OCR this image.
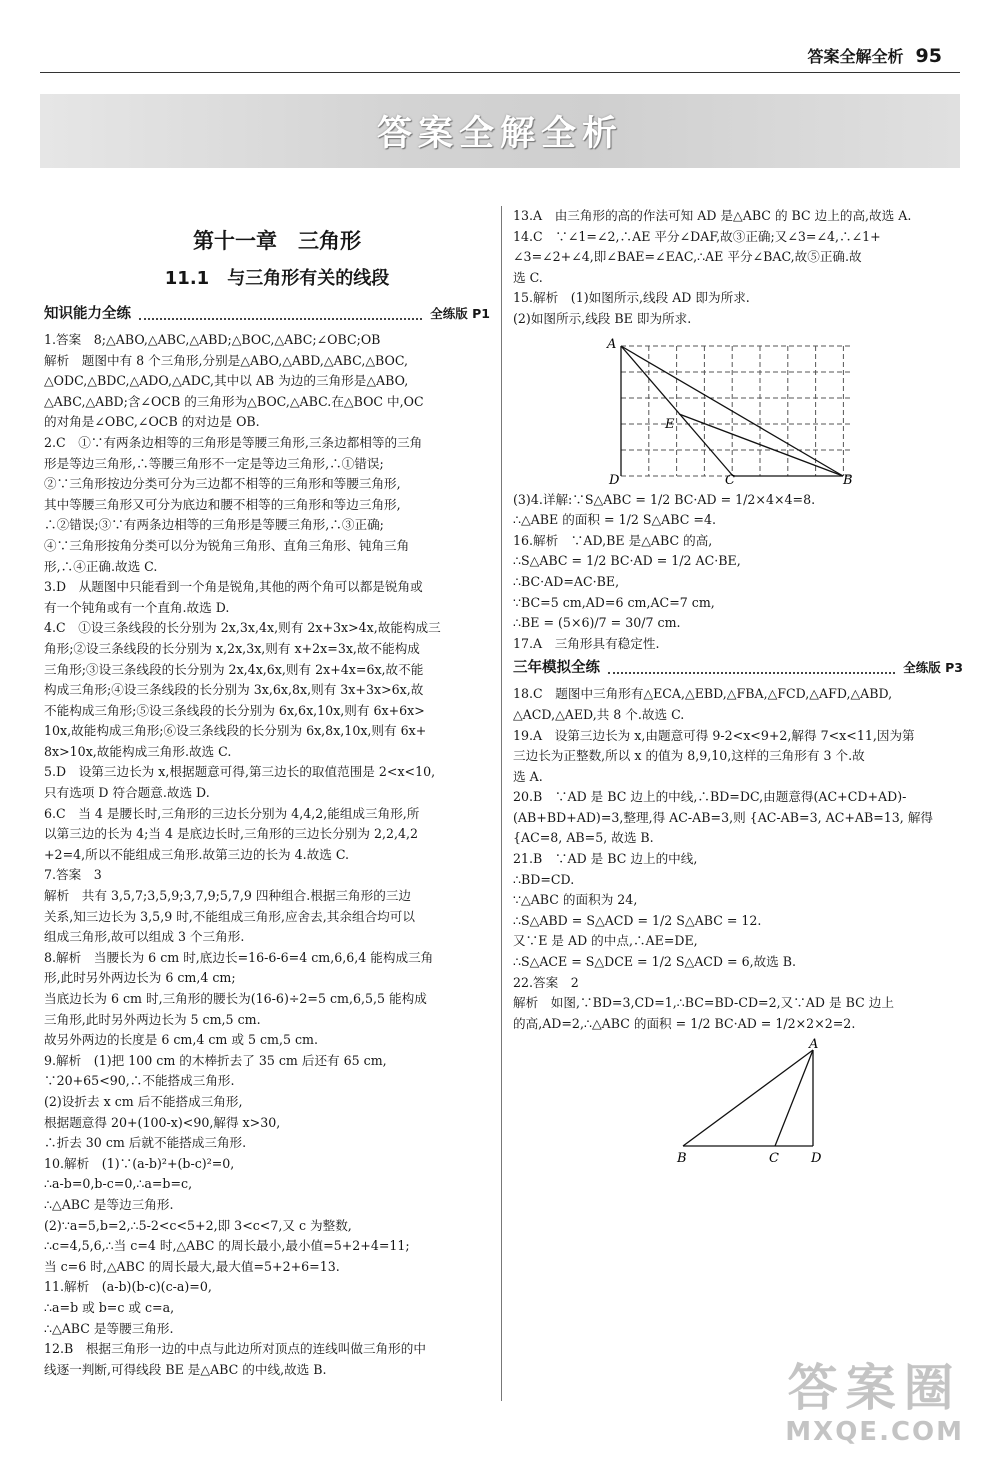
答案全解全析 95
答案全解全析
第十一章　三角形
11.1　与三角形有关的线段
知识能力全练	全练版 P1
1.答案　8;△ABO,△ABC,△ABD;△BOC,△ABC;∠OBC;OB
解析　题图中有 8 个三角形,分别是△ABO,△ABD,△ABC,△BOC,
△ODC,△BDC,△ADO,△ADC,其中以 AB 为边的三角形是△ABO,
△ABC,△ABD;含∠OCB 的三角形为△BOC,△ABC.在△BOC 中,OC
的对角是∠OBC,∠OCB 的对边是 OB.
2.C　①∵有两条边相等的三角形是等腰三角形,三条边都相等的三角
形是等边三角形,∴等腰三角形不一定是等边三角形,∴①错误;
②∵三角形按边分类可分为三边都不相等的三角形和等腰三角形,
其中等腰三角形又可分为底边和腰不相等的三角形和等边三角形,
∴②错误;③∵有两条边相等的三角形是等腰三角形,∴③正确;
④∵三角形按角分类可以分为锐角三角形、直角三角形、钝角三角
形,∴④正确.故选 C.
3.D　从题图中只能看到一个角是锐角,其他的两个角可以都是锐角或
有一个钝角或有一个直角.故选 D.
4.C　①设三条线段的长分别为 2x,3x,4x,则有 2x+3x>4x,故能构成三
角形;②设三条线段的长分别为 x,2x,3x,则有 x+2x=3x,故不能构成
三角形;③设三条线段的长分别为 2x,4x,6x,则有 2x+4x=6x,故不能
构成三角形;④设三条线段的长分别为 3x,6x,8x,则有 3x+3x>6x,故
不能构成三角形;⑤设三条线段的长分别为 6x,6x,10x,则有 6x+6x>
10x,故能构成三角形;⑥设三条线段的长分别为 6x,8x,10x,则有 6x+
8x>10x,故能构成三角形.故选 C.
5.D　设第三边长为 x,根据题意可得,第三边长的取值范围是 2<x<10,
只有选项 D 符合题意.故选 D.
6.C　当 4 是腰长时,三角形的三边长分别为 4,4,2,能组成三角形,所
以第三边的长为 4;当 4 是底边长时,三角形的三边长分别为 2,2,4,2
+2=4,所以不能组成三角形.故第三边的长为 4.故选 C.
7.答案　3
解析　共有 3,5,7;3,5,9;3,7,9;5,7,9 四种组合.根据三角形的三边
关系,知三边长为 3,5,9 时,不能组成三角形,应舍去,其余组合均可以
组成三角形,故可以组成 3 个三角形.
8.解析　当腰长为 6 cm 时,底边长=16-6-6=4 cm,6,6,4 能构成三角
形,此时另外两边长为 6 cm,4 cm;
当底边长为 6 cm 时,三角形的腰长为(16-6)÷2=5 cm,6,5,5 能构成
三角形,此时另外两边长为 5 cm,5 cm.
故另外两边的长度是 6 cm,4 cm 或 5 cm,5 cm.
9.解析　(1)把 100 cm 的木棒折去了 35 cm 后还有 65 cm,
∵20+65<90,∴不能搭成三角形.
(2)设折去 x cm 后不能搭成三角形,
根据题意得 20+(100-x)<90,解得 x>30,
∴折去 30 cm 后就不能搭成三角形.
10.解析　(1)∵(a-b)²+(b-c)²=0,
∴a-b=0,b-c=0,∴a=b=c,
∴△ABC 是等边三角形.
(2)∵a=5,b=2,∴5-2<c<5+2,即 3<c<7,又 c 为整数,
∴c=4,5,6,∴当 c=4 时,△ABC 的周长最小,最小值=5+2+4=11;
当 c=6 时,△ABC 的周长最大,最大值=5+2+6=13.
11.解析　(a-b)(b-c)(c-a)=0,
∴a=b 或 b=c 或 c=a,
∴△ABC 是等腰三角形.
12.B　根据三角形一边的中点与此边所对顶点的连线叫做三角形的中
线逐一判断,可得线段 BE 是△ABC 的中线,故选 B.
13.A　由三角形的高的作法可知 AD 是△ABC 的 BC 边上的高,故选 A.
14.C　∵∠1=∠2,∴AE 平分∠DAF,故③正确;又∠3=∠4,∴∠1+
∠3=∠2+∠4,即∠BAE=∠EAC,∴AE 平分∠BAC,故⑤正确.故
选 C.
15.解析　(1)如图所示,线段 AD 即为所求.
(2)如图所示,线段 BE 即为所求.
A
D	C	B
E
(3)4.详解:∵S△ABC = 1/2 BC·AD = 1/2×4×4=8.
∴△ABE 的面积 = 1/2 S△ABC =4.
16.解析　∵AD,BE 是△ABC 的高,
∴S△ABC = 1/2 BC·AD = 1/2 AC·BE,
∴BC·AD=AC·BE,
∵BC=5 cm,AD=6 cm,AC=7 cm,
∴BE = (5×6)/7 = 30/7 cm.
17.A　三角形具有稳定性.
三年模拟全练	全练版 P3
18.C　题图中三角形有△ECA,△EBD,△FBA,△FCD,△AFD,△ABD,
△ACD,△AED,共 8 个.故选 C.
19.A　设第三边长为 x,由题意可得 9-2<x<9+2,解得 7<x<11,因为第
三边长为正整数,所以 x 的值为 8,9,10,这样的三角形有 3 个.故
选 A.
20.B　∵AD 是 BC 边上的中线,∴BD=DC,由题意得(AC+CD+AD)-
(AB+BD+AD)=3,整理,得 AC-AB=3,则 {AC-AB=3, AC+AB=13, 解得
{AC=8, AB=5, 故选 B.
21.B　∵AD 是 BC 边上的中线,
∴BD=CD.
∵△ABC 的面积为 24,
∴S△ABD = S△ACD = 1/2 S△ABC = 12.
又∵E 是 AD 的中点,∴AE=DE,
∴S△ACE = S△DCE = 1/2 S△ACD = 6,故选 B.
22.答案　2
解析　如图,∵BD=3,CD=1,∴BC=BD-CD=2,又∵AD 是 BC 边上
的高,AD=2,∴△ABC 的面积 = 1/2 BC·AD = 1/2×2×2=2.
A
B	C D
答案圈
MXQE.COM
